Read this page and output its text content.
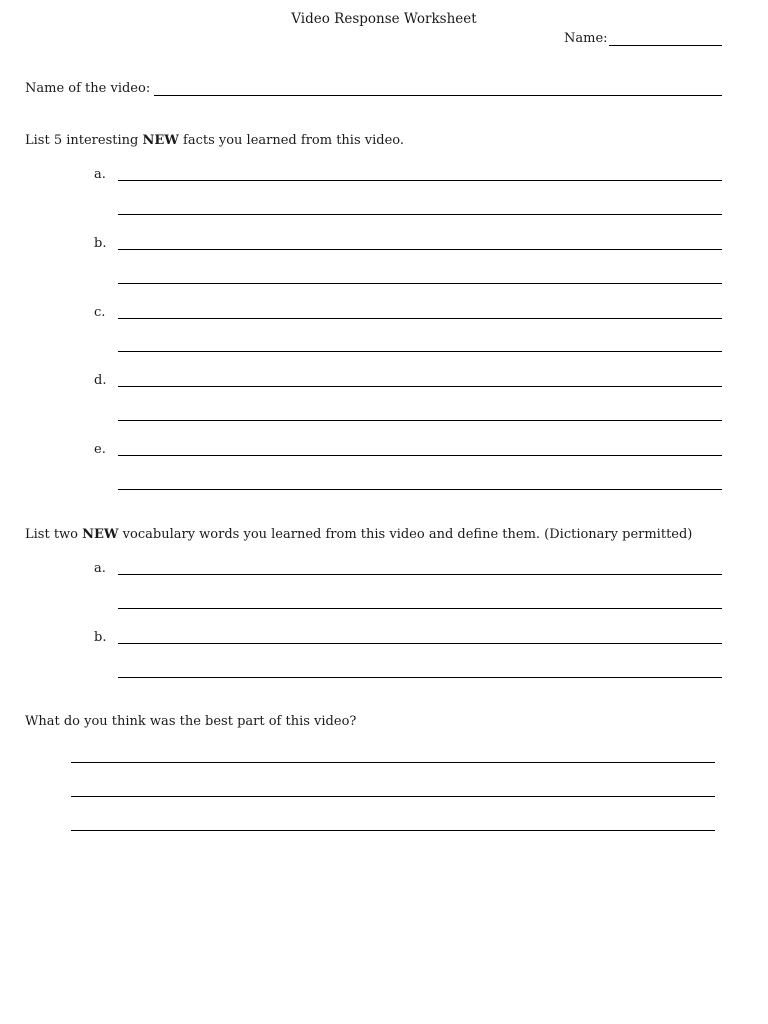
Video Response Worksheet
Name:
Name of the video:
List 5 interesting NEW facts you learned from this video.
a.
b.
c.
d.
e.
List two NEW vocabulary words you learned from this video and define them. (Dictionary permitted)
a.
b.
What do you think was the best part of this video?
